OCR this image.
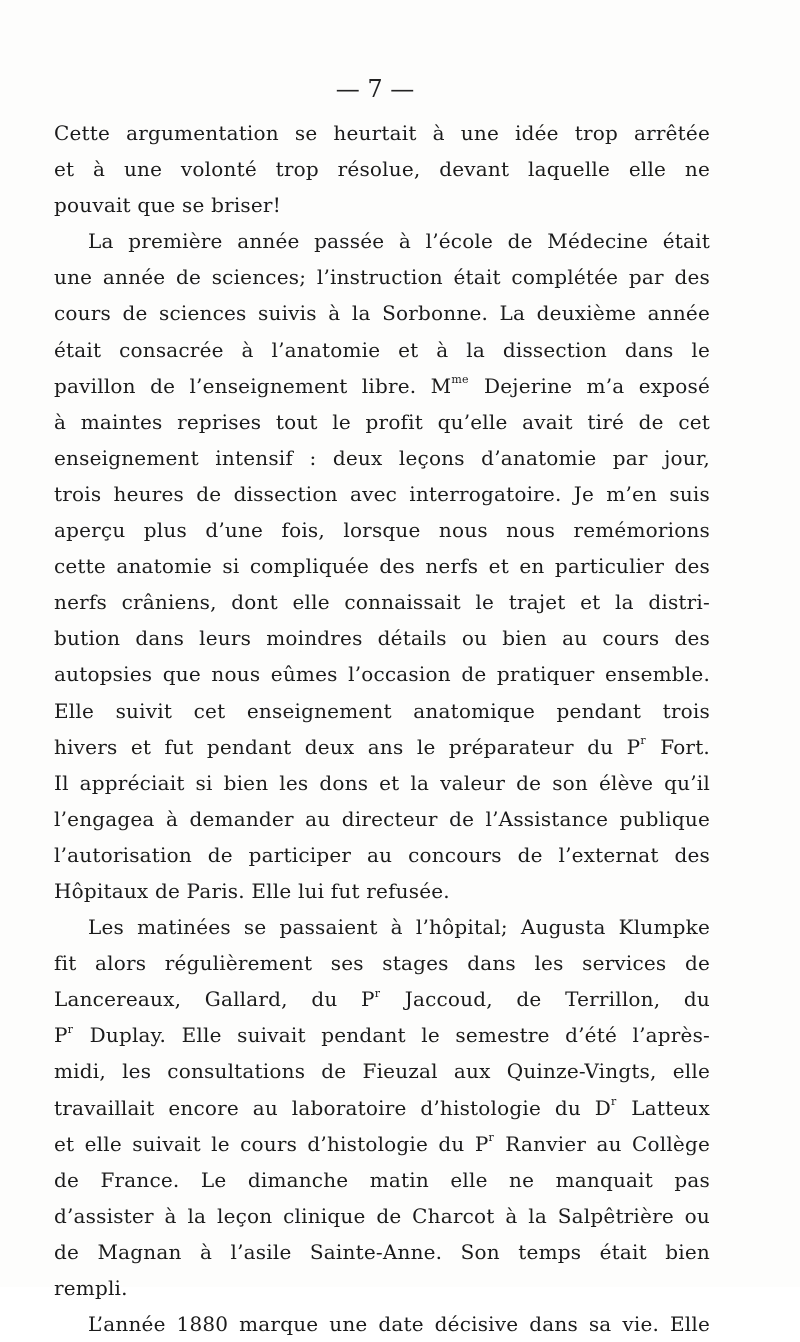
— 7 —
Cette argumentation se heurtait à une idée trop arrêtée
et à une volonté trop résolue, devant laquelle elle ne
pouvait que se briser!
La première année passée à l’école de Médecine était
une année de sciences; l’instruction était complétée par des
cours de sciences suivis à la Sorbonne. La deuxième année
était consacrée à l’anatomie et à la dissection dans le
pavillon de l’enseignement libre. $M^{me}$ Dejerine m’a exposé
à maintes reprises tout le profit qu’elle avait tiré de cet
enseignement intensif : deux leçons d’anatomie par jour,
trois heures de dissection avec interrogatoire. Je m’en suis
aperçu plus d’une fois, lorsque nous nous remémorions
cette anatomie si compliquée des nerfs et en particulier des
nerfs crâniens, dont elle connaissait le trajet et la distri-
bution dans leurs moindres détails ou bien au cours des
autopsies que nous eûmes l’occasion de pratiquer ensemble.
Elle suivit cet enseignement anatomique pendant trois
hivers et fut pendant deux ans le préparateur du $P^r$ Fort.
Il appréciait si bien les dons et la valeur de son élève qu’il
l’engagea à demander au directeur de l’Assistance publique
l’autorisation de participer au concours de l’externat des
Hôpitaux de Paris. Elle lui fut refusée.
Les matinées se passaient à l’hôpital; Augusta Klumpke
fit alors régulièrement ses stages dans les services de
Lancereaux, Gallard, du $P^r$ Jaccoud, de Terrillon, du
$P^r$ Duplay. Elle suivait pendant le semestre d’été l’après-
midi, les consultations de Fieuzal aux Quinze-Vingts, elle
travaillait encore au laboratoire d’histologie du $D^r$ Latteux
et elle suivait le cours d’histologie du $P^r$ Ranvier au Collège
de France. Le dimanche matin elle ne manquait pas
d’assister à la leçon clinique de Charcot à la Salpêtrière ou
de Magnan à l’asile Sainte-Anne. Son temps était bien
rempli.
L’année 1880 marque une date décisive dans sa vie. Elle
